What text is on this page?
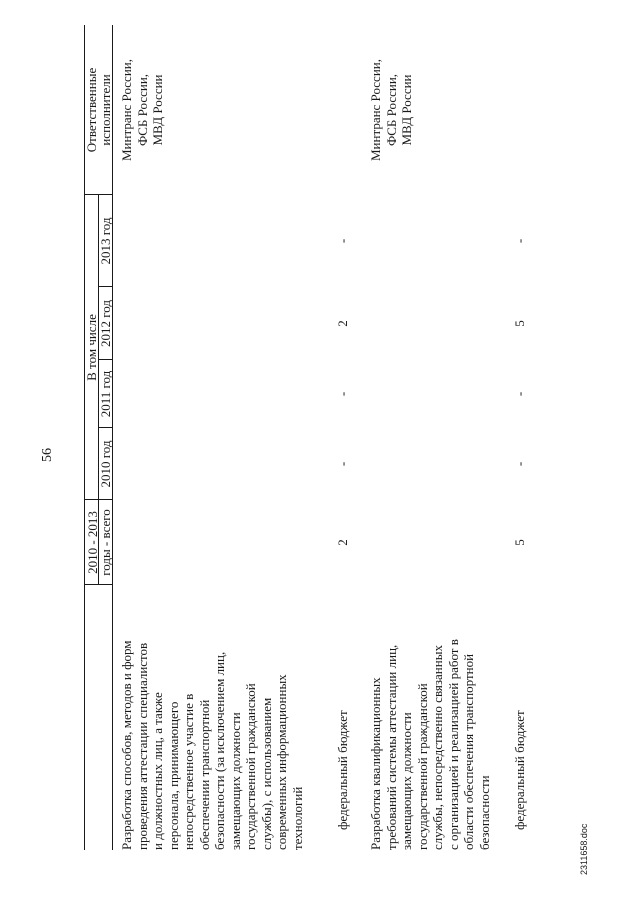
56
2010 - 2013
годы - всего
В том числе
2010 год
2011 год
2012 год
2013 год
Ответственные исполнители
Разработка способов, методов и форм проведения аттестации специалистов и должностных лиц, а также персонала, принимающего непосредственное участие в обеспечении транспортной безопасности (за исключением лиц, замещающих должности государственной гражданской службы), с использованием современных информационных технологий
Минтранс России, ФСБ России, МВД России
федеральный бюджет
2
-
-
2
-
Разработка квалификационных требований системы аттестации лиц, замещающих должности государственной гражданской службы, непосредственно связанных с организацией и реализацией работ в области обеспечения транспортной безопасности
Минтранс России, ФСБ России, МВД России
федеральный бюджет
5
-
-
5
-
2311658.doc
